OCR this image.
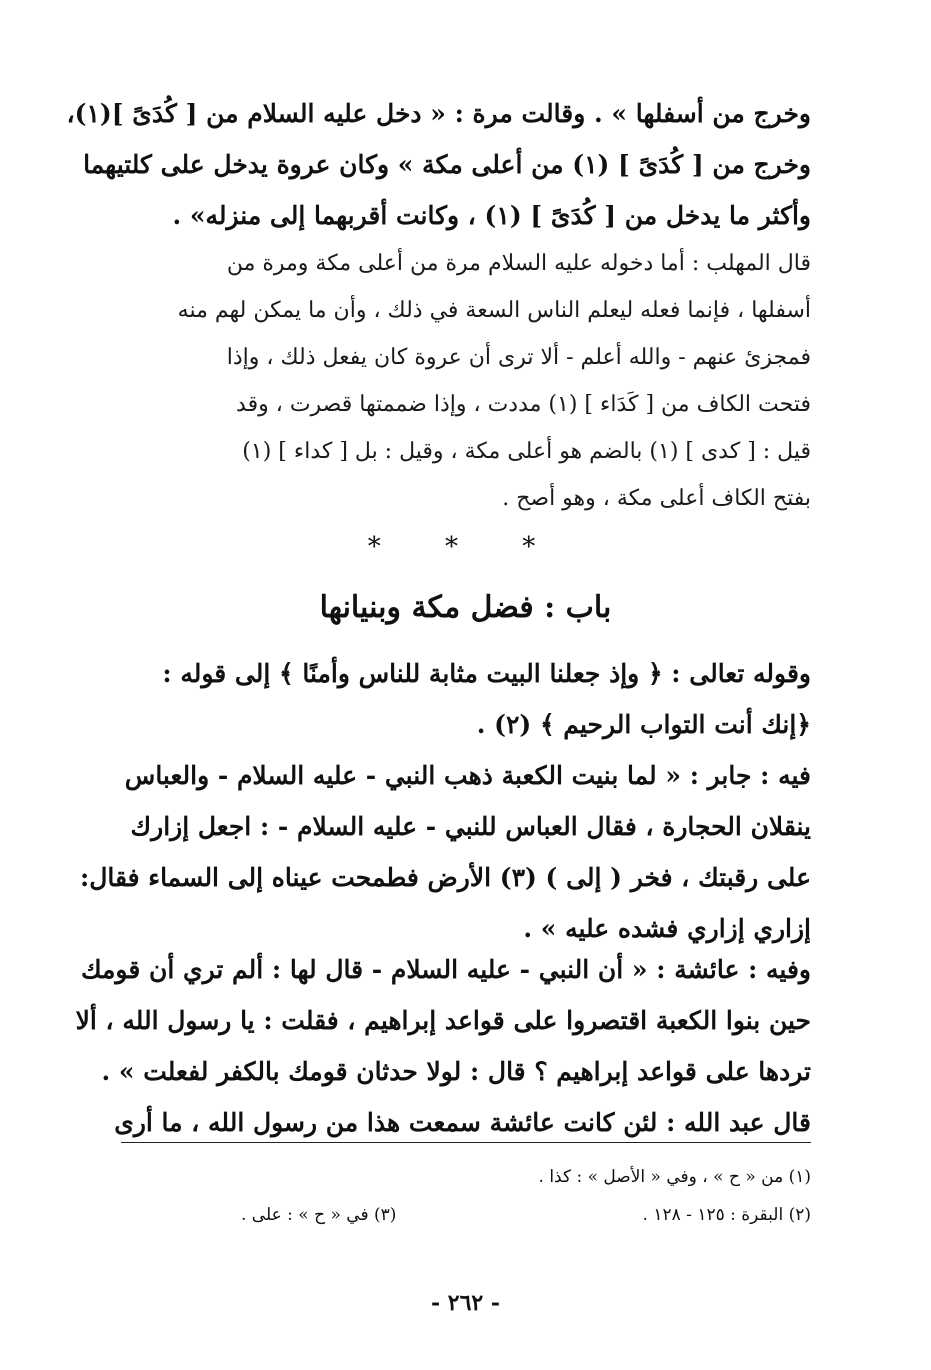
وخرج من أسفلها » . وقالت مرة : « دخل عليه السلام من [ كُدَىً ](١)،
وخرج من [ كُدَىً ] (١) من أعلى مكة » وكان عروة يدخل على كلتيهما
وأكثر ما يدخل من [ كُدَىً ] (١) ، وكانت أقربهما إلى منزله» .
قال المهلب : أما دخوله عليه السلام مرة من أعلى مكة ومرة من
أسفلها ، فإنما فعله ليعلم الناس السعة في ذلك ، وأن ما يمكن لهم منه
فمجزئ عنهم - والله أعلم - ألا ترى أن عروة كان يفعل ذلك ، وإذا
فتحت الكاف من [ كَدَاء ] (١) مددت ، وإذا ضممتها قصرت ، وقد
قيل : [ كدى ] (١) بالضم هو أعلى مكة ، وقيل : بل [ كداء ] (١)
بفتح الكاف أعلى مكة ، وهو أصح .
* * *
باب : فضل مكة وبنيانها
وقوله تعالى : ﴿ وإذ جعلنا البيت مثابة للناس وأمنًا ﴾ إلى قوله :
﴿إنك أنت التواب الرحيم ﴾ (٢) .
فيه : جابر : « لما بنيت الكعبة ذهب النبي - عليه السلام - والعباس
ينقلان الحجارة ، فقال العباس للنبي - عليه السلام - : اجعل إزارك
على رقبتك ، فخر ( إلى ) (٣) الأرض فطمحت عيناه إلى السماء فقال:
إزاري إزاري فشده عليه » .
وفيه : عائشة : « أن النبي - عليه السلام - قال لها : ألم تري أن قومك
حين بنوا الكعبة اقتصروا على قواعد إبراهيم ، فقلت : يا رسول الله ، ألا
تردها على قواعد إبراهيم ؟ قال : لولا حدثان قومك بالكفر لفعلت » .
قال عبد الله : لئن كانت عائشة سمعت هذا من رسول الله ، ما أرى
(١) من « ح » ، وفي « الأصل » : كذا .
(٢) البقرة : ١٢٥ - ١٢٨ .
(٣) في « ح » : على .
- ٢٦٢ -
